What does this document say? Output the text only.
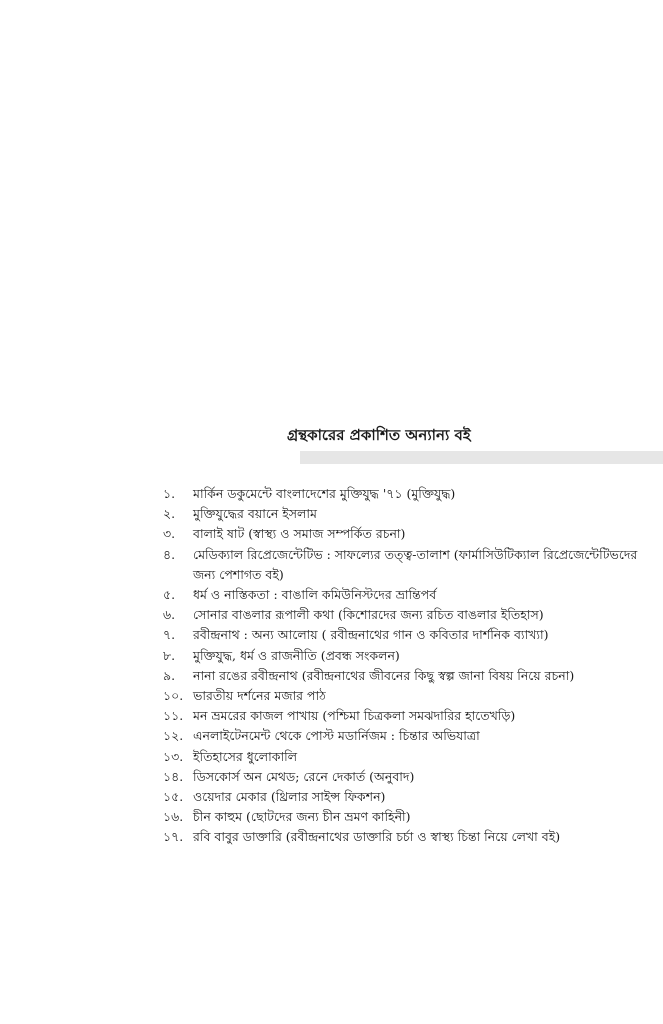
গ্রন্থকারের প্রকাশিত অন্যান্য বই
১.	মার্কিন ডকুমেন্টে বাংলাদেশের মুক্তিযুদ্ধ '৭১ (মুক্তিযুদ্ধ)
২.	মুক্তিযুদ্ধের বয়ানে ইসলাম
৩.	বালাই ষাট (স্বাস্থ্য ও সমাজ সম্পর্কিত রচনা)
৪.	মেডিক্যাল রিপ্রেজেন্টেটিভ : সাফল্যের তত্ত্ব-তালাশ (ফার্মাসিউটিক্যাল রিপ্রেজেন্টেটিভদের জন্য পেশাগত বই)
৫.	ধর্ম ও নাস্তিকতা : বাঙালি কমিউনিস্টদের ভ্রান্তিপর্ব
৬.	সোনার বাঙলার রূপালী কথা (কিশোরদের জন্য রচিত বাঙলার ইতিহাস)
৭.	রবীন্দ্রনাথ : অন্য আলোয় ( রবীন্দ্রনাথের গান ও কবিতার দার্শনিক ব্যাখ্যা)
৮.	মুক্তিযুদ্ধ, ধর্ম ও রাজনীতি (প্রবন্ধ সংকলন)
৯.	নানা রঙের রবীন্দ্রনাথ (রবীন্দ্রনাথের জীবনের কিছু স্বল্প জানা বিষয় নিয়ে রচনা)
১০. ভারতীয় দর্শনের মজার পাঠ
১১. মন ভ্রমরের কাজল পাখায় (পশ্চিমা চিত্রকলা সমঝদারির হাতেখড়ি)
১২. এনলাইটেনমেন্ট থেকে পোস্ট মডার্নিজম : চিন্তার অভিযাত্রা
১৩. ইতিহাসের ধুলোকালি
১৪. ডিসকোর্স অন মেথড; রেনে দেকার্ত (অনুবাদ)
১৫. ওয়েদার মেকার (থ্রিলার সাইন্স ফিকশন)
১৬. চীন কাহুম (ছোটদের জন্য চীন ভ্রমণ কাহিনী)
১৭. রবি বাবুর ডাক্তারি (রবীন্দ্রনাথের ডাক্তারি চর্চা ও স্বাস্থ্য চিন্তা নিয়ে লেখা বই)
